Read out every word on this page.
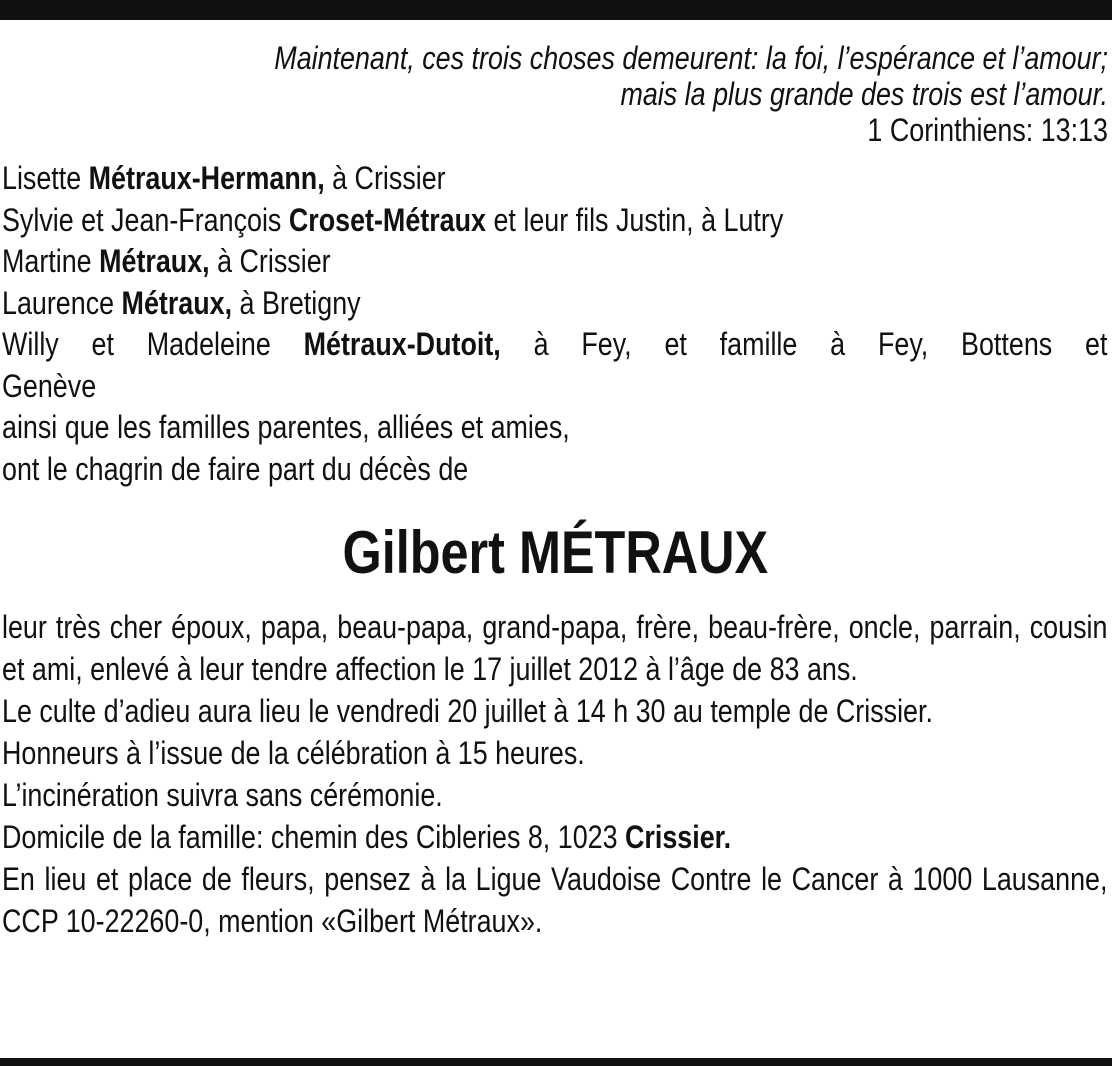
Maintenant, ces trois choses demeurent: la foi, l’espérance et l’amour;
mais la plus grande des trois est l’amour.
1 Corinthiens: 13:13
Lisette Métraux-Hermann, à Crissier
Sylvie et Jean-François Croset-Métraux et leur fils Justin, à Lutry
Martine Métraux, à Crissier
Laurence Métraux, à Bretigny
Willy et Madeleine Métraux-Dutoit, à Fey, et famille à Fey, Bottens et
Genève
ainsi que les familles parentes, alliées et amies,
ont le chagrin de faire part du décès de
Gilbert MÉTRAUX
leur très cher époux, papa, beau-papa, grand-papa, frère, beau-frère, oncle, parrain, cousin et ami, enlevé à leur tendre affection le 17 juillet 2012 à l’âge de 83 ans.
Le culte d’adieu aura lieu le vendredi 20 juillet à 14 h 30 au temple de Crissier.
Honneurs à l’issue de la célébration à 15 heures.
L’incinération suivra sans cérémonie.
Domicile de la famille: chemin des Cibleries 8, 1023 Crissier.
En lieu et place de fleurs, pensez à la Ligue Vaudoise Contre le Cancer à 1000 Lausanne, CCP 10-22260-0, mention «Gilbert Métraux».
